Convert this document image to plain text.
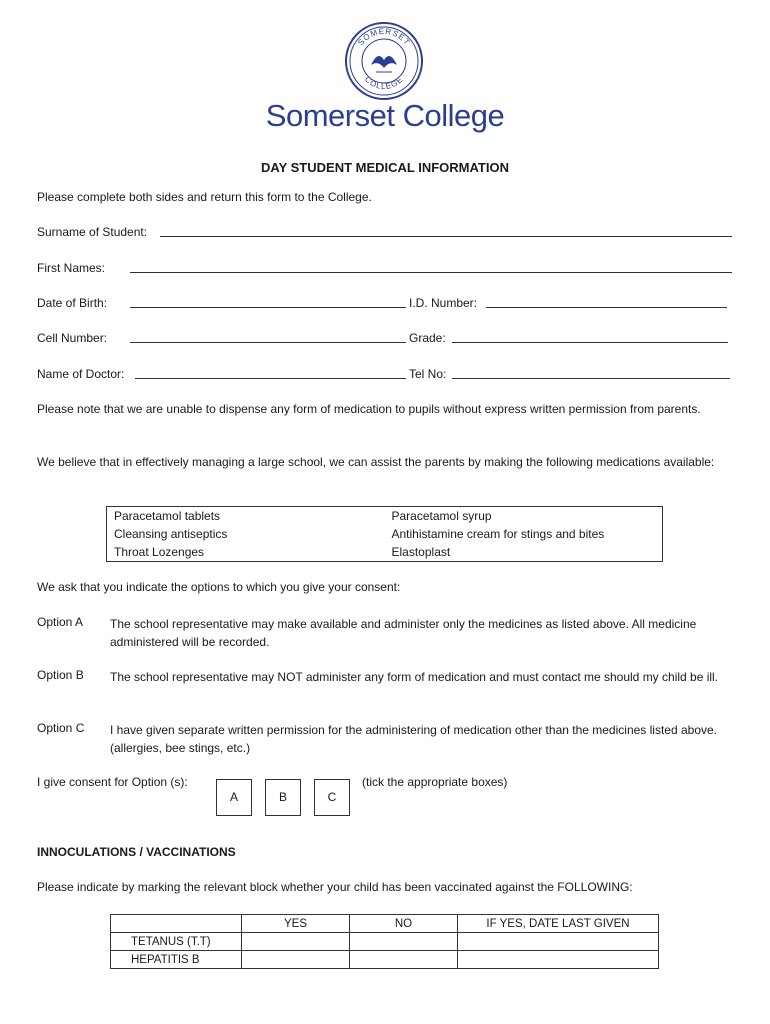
SOMERSET
COLLEGE
Somerset College
DAY STUDENT MEDICAL INFORMATION
Please complete both sides and return this form to the College.
Surname of Student:
First Names:
Date of Birth:	I.D. Number:
Cell Number:	Grade:
Name of Doctor:	Tel No:
Please note that we are unable to dispense any form of medication to pupils without express written permission from parents.
We believe that in effectively managing a large school, we can assist the parents by making the following medications available:
Paracetamol tablets	Paracetamol syrup
Cleansing antiseptics	Antihistamine cream for stings and bites
Throat Lozenges	Elastoplast
We ask that you indicate the options to which you give your consent:
Option A The school representative may make available and administer only the medicines as listed above. All medicine administered will be recorded.
Option B The school representative may NOT administer any form of medication and must contact me should my child be ill.
Option C I have given separate written permission for the administering of medication other than the medicines listed above. (allergies, bee stings, etc.)
I give consent for Option (s):
A	B	C
(tick the appropriate boxes)
INNOCULATIONS / VACCINATIONS
Please indicate by marking the relevant block whether your child has been vaccinated against the FOLLOWING:
	YES	NO	IF YES, DATE LAST GIVEN
TETANUS (T.T)			
HEPATITIS B			
